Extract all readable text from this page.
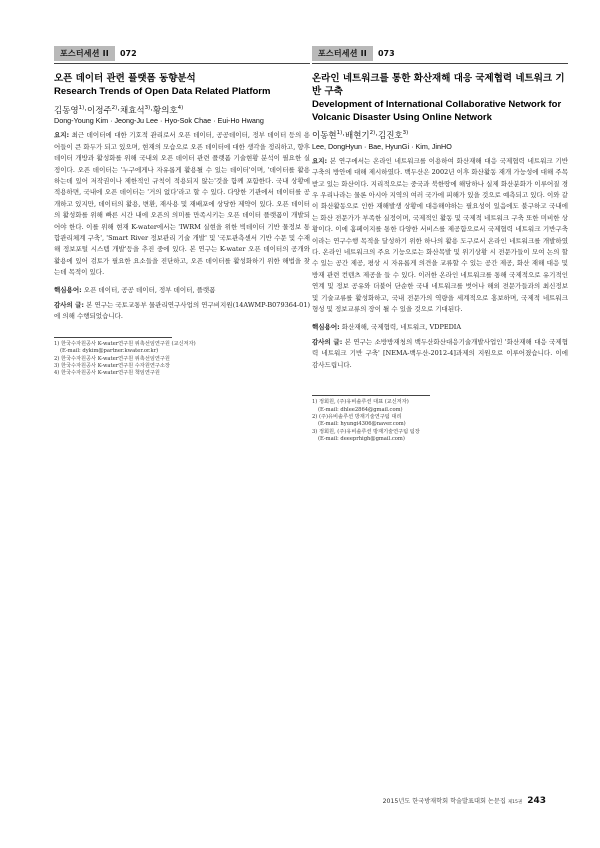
포스터세션 II	072
오픈 데이터 관련 플랫폼 동향분석
Research Trends of Open Data Related Platform
김동영$^{1)}$·이정주$^{2)}$·채효석$^{3)}$·황의호$^{4)}$
Dong-Young Kim · Jeong-Ju Lee · Hyo-Sok Chae · Eui-Ho Hwang

요지: 최근 데이터에 대한 기호적 관리로서 오픈 데이터, 공공데이터, 정부 데이터 등의 용어들이 큰 화두가 되고 있으며, 현재의 모습으로 오픈 데이터에 대한 생각을 정리하고, 향후 데이터 개방과 활성화를 위해 국내외 오픈 데이터 관련 플랫폼 기술현황 분석이 필요한 실정이다. 오픈 데이터는 '누구에게나 자유롭게 활용될 수 있는 데이터'이며, '데이터를 활용하는데 있어 저작권이나 제한적인 규칙이 적용되지 않는'것을 함께 포함한다. 국내 상황에 적용하면, 국내에 오픈 데이터는 '거의 없다'라고 할 수 있다. 다양한 기관에서 데이터를 공개하고 있지만, 데이터의 활용, 변환, 재사용 및 재배포에 상당한 제약이 있다. 오픈 데이터의 활성화를 위해 빠른 시간 내에 오픈의 의미를 만족시키는 오픈 데이터 플랫폼이 개발되어야 한다. 이를 위해 현재 K-water에서는 'IWRM 실현을 위한 빅데이터 기반 물정보 통합관리체계 구축', 'Smart River 정보관리 기술 개발' 및 '국토관측센서 기반 수문 및 수재해 정보포털 시스템 개발'등을 추진 중에 있다. 본 연구는 K-water 오픈 데이터의 공개와 활용에 있어 검토가 필요한 요소들을 진단하고, 오픈 데이터를 활성화하기 위한 해법을 찾는데 목적이 있다.

핵심용어: 오픈 데이터, 공공 데이터, 정부 데이터, 플랫폼

감사의 글: 본 연구는 국토교통부 물관리연구사업의 연구비지원(14AWMP-B079364-01)에 의해 수행되었습니다.

1) 한국수자원공사 K-water연구원 위촉선임연구원 (교신저자)
(E-mail: dykim@partner.kwater.or.kr)
2) 한국수자원공사 K-water연구원 위촉선임연구원
3) 한국수자원공사 K-water연구원 수자원연구소장
4) 한국수자원공사 K-water연구원 책임연구원
포스터세션 II	073
온라인 네트워크를 통한 화산재해 대응 국제협력 네트워크 기반 구축
Development of International Collaborative Network for Volcanic Disaster Using Online Network
이동현$^{1)}$·배현기$^{2)}$·김진호$^{3)}$
Lee, DongHyun · Bae, HyunGi · Kim, JinHO

요지: 본 연구에서는 온라인 네트워크를 이용하여 화산재해 대응 국제협력 네트워크 기반 구축의 방안에 대해 제시하였다. 백두산은 2002년 이후 화산활동 재개 가능성에 대해 주목받고 있는 화산이다. 지리적으로는 중국과 북한땅에 해당하나 실제 화산분화가 이루어질 경우 우리나라는 물론 아시아 지역의 여러 국가에 피해가 있을 것으로 예측되고 있다. 이와 같이 화산활동으로 인한 재해발생 상황에 대응해야하는 필요성이 있음에도 불구하고 국내에는 화산 전문가가 부족한 실정이며, 국제적인 활동 및 국제적 네트워크 구축 또한 미비한 상황이다. 이에 홈페이지를 통한 다양한 서비스를 제공함으로서 국제협력 네트워크 기반구축이라는 연구수행 목적을 달성하기 위한 하나의 활용 도구로서 온라인 네트워크를 개발하였다. 온라인 네트워크의 주요 기능으로는 화산목발 및 위기상황 시 전문가들이 모여 논의 할 수 있는 공간 제공, 평상 시 자유롭게 의견을 교류할 수 있는 공간 제공, 화산 재해 대응 및 방재 관련 컨텐츠 제공을 들 수 있다. 이러한 온라인 네트워크를 통해 국제적으로 유기적인 연계 및 정보 공유와 더불어 단순한 국내 네트워크를 벗어나 해외 전문가들과의 최신정보 및 기술교류를 활성화하고, 국내 전문가의 역량을 세계적으로 홍보하며, 국제적 네트워크 형성 및 정보교류의 장이 될 수 있을 것으로 기대된다.

핵심용어: 화산재해, 국제협력, 네트워크, VDPEDIA

감사의 글: 본 연구는 소방방재청의 백두산화산대응기술개발사업인 '화산재해 대응 국제협력 네트워크 기반 구축' [NEMA-백두산-2012-4]과제의 지원으로 이루어졌습니다. 이에 감사드립니다.

1) 정회원, (주)유비솔루션 대표 (교신저자)
(E-mail: dhlee2864@gmail.com)
2) (주)유비솔루션 방재기술연구팀 대리
(E-mail: hyungi4306@naver.com)
3) 정회원, (주)유비솔루션 방재기술연구팀 팀장
(E-mail: deeeprhigh@gmail.com)
2015년도 한국방재학회 학술발표대회 논문집 제15권 243
